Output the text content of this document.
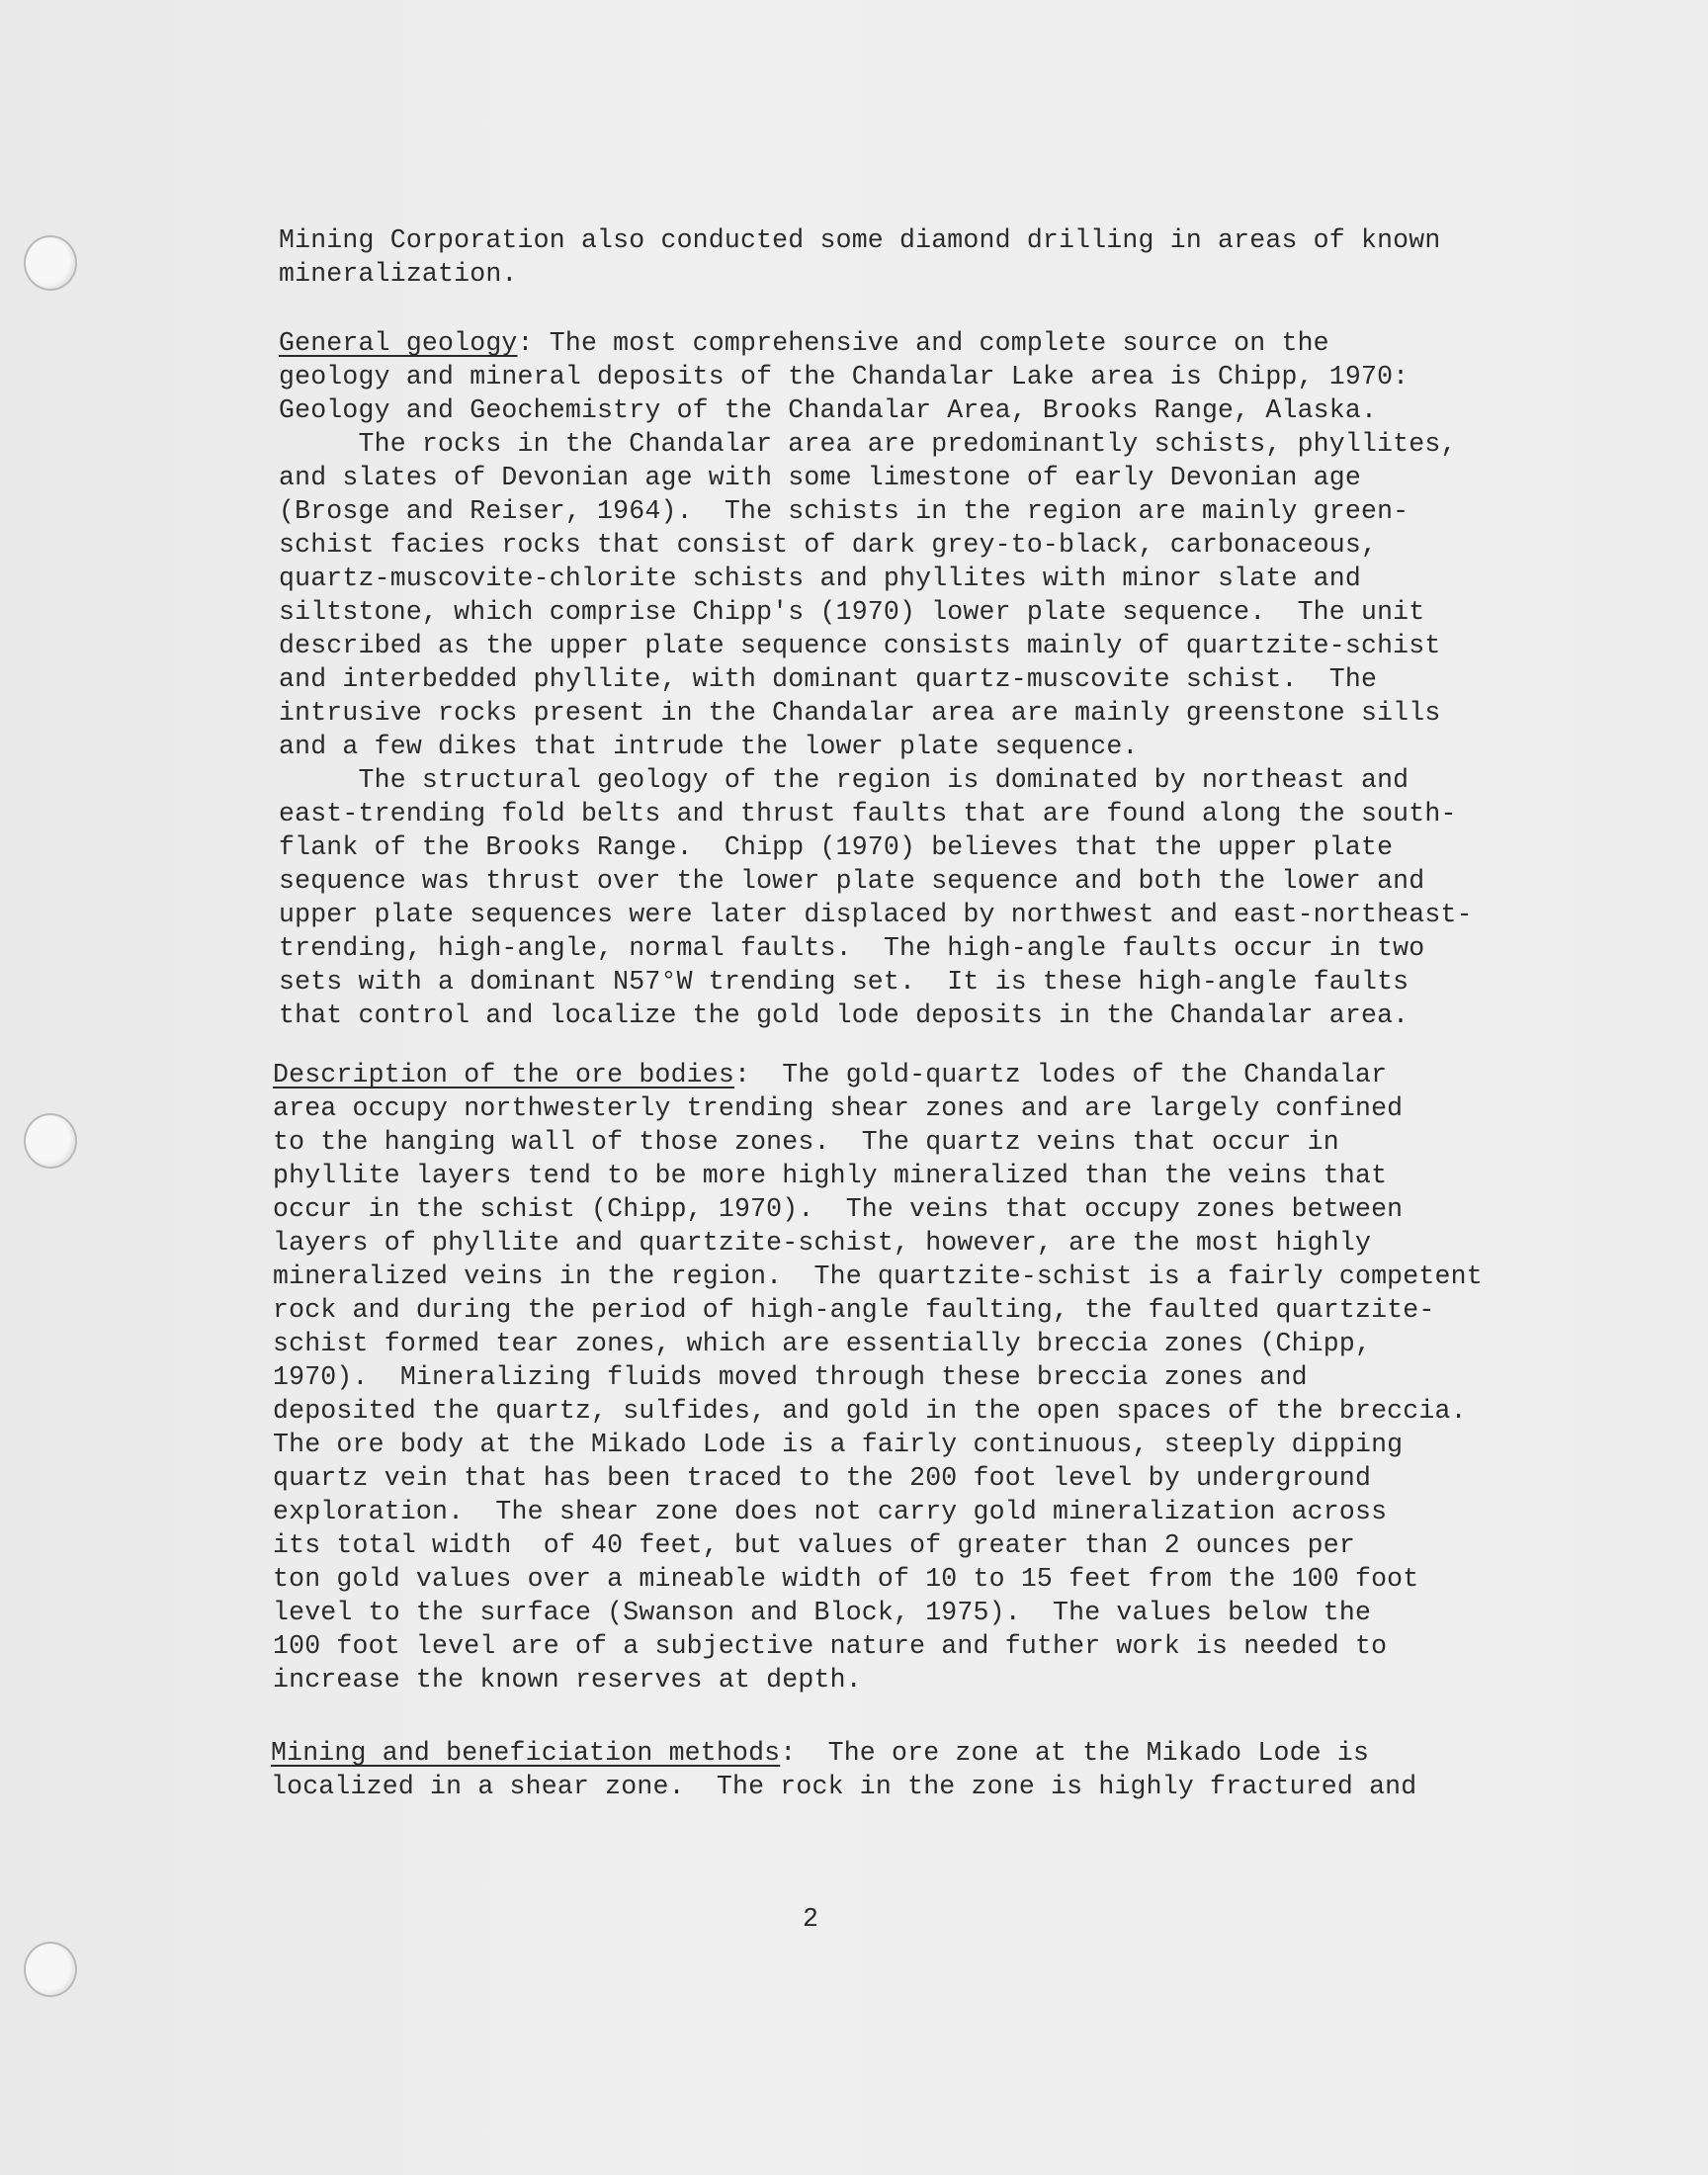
Mining Corporation also conducted some diamond drilling in areas of known
mineralization.
General geology: The most comprehensive and complete source on the
geology and mineral deposits of the Chandalar Lake area is Chipp, 1970:
Geology and Geochemistry of the Chandalar Area, Brooks Range, Alaska.
The rocks in the Chandalar area are predominantly schists, phyllites,
and slates of Devonian age with some limestone of early Devonian age
(Brosge and Reiser, 1964).  The schists in the region are mainly green-
schist facies rocks that consist of dark grey-to-black, carbonaceous,
quartz-muscovite-chlorite schists and phyllites with minor slate and
siltstone, which comprise Chipp's (1970) lower plate sequence.  The unit
described as the upper plate sequence consists mainly of quartzite-schist
and interbedded phyllite, with dominant quartz-muscovite schist.  The
intrusive rocks present in the Chandalar area are mainly greenstone sills
and a few dikes that intrude the lower plate sequence.
The structural geology of the region is dominated by northeast and
east-trending fold belts and thrust faults that are found along the south-
flank of the Brooks Range.  Chipp (1970) believes that the upper plate
sequence was thrust over the lower plate sequence and both the lower and
upper plate sequences were later displaced by northwest and east-northeast-
trending, high-angle, normal faults.  The high-angle faults occur in two
sets with a dominant N57°W trending set.  It is these high-angle faults
that control and localize the gold lode deposits in the Chandalar area.
Description of the ore bodies:  The gold-quartz lodes of the Chandalar
area occupy northwesterly trending shear zones and are largely confined
to the hanging wall of those zones.  The quartz veins that occur in
phyllite layers tend to be more highly mineralized than the veins that
occur in the schist (Chipp, 1970).  The veins that occupy zones between
layers of phyllite and quartzite-schist, however, are the most highly
mineralized veins in the region.  The quartzite-schist is a fairly competent
rock and during the period of high-angle faulting, the faulted quartzite-
schist formed tear zones, which are essentially breccia zones (Chipp,
1970).  Mineralizing fluids moved through these breccia zones and
deposited the quartz, sulfides, and gold in the open spaces of the breccia.
The ore body at the Mikado Lode is a fairly continuous, steeply dipping
quartz vein that has been traced to the 200 foot level by underground
exploration.  The shear zone does not carry gold mineralization across
its total width  of 40 feet, but values of greater than 2 ounces per
ton gold values over a mineable width of 10 to 15 feet from the 100 foot
level to the surface (Swanson and Block, 1975).  The values below the
100 foot level are of a subjective nature and futher work is needed to
increase the known reserves at depth.
Mining and beneficiation methods:  The ore zone at the Mikado Lode is
localized in a shear zone.  The rock in the zone is highly fractured and
2
